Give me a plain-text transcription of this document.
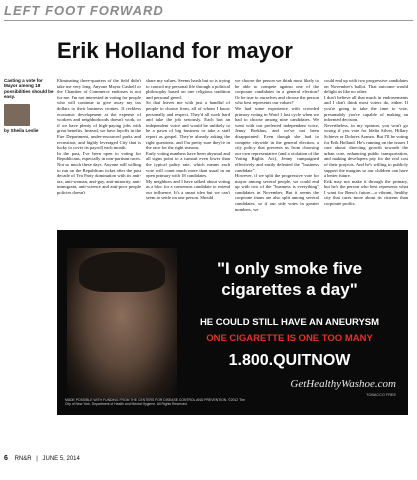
LEFT FOOT FORWARD
Erik Holland for mayor
Casting a vote for Mayor among 18 possibilities should be easy.
by Sheila Leslie

Eliminating three-quarters of the field didn't take me very long. Anyone Mayor Cashell or the Chamber of Commerce endorses is not for me. I'm not interested in voting for people who will continue to give away my tax dollars to their business cronies. If reckless economic development at the expense of workers and neighborhoods doesn't work, or if we have plenty of high-paying jobs with great benefits. Instead, we have layoffs in the Fire Department, under-resourced parks and recreation, and highly leveraged City that is lucky to cover its payroll each month.

In the past, I've been open to voting for Republicans, especially in non-partisan races. Not so much these days. Anyone still willing to run on the Republican ticket after the past decade of Tea Party domination with its anti-tax, anti-woman, anti-gay, anti-minority, anti-immigrant, anti-science and anti-poor people policies doesn't

share my values. Seems harsh but so is trying to control my personal life through a political philosophy based on one religious tradition and personal greed.

So that leaves me with just a handful of people to choose from, all of whom I know personally and respect. They'd all work hard and take the job seriously. Each has an independent voice and would be unlikely to be a pawn of big business or take a staff report as gospel. They're already asking the right questions, and I'm pretty sure they're in the race for the right reasons.

Early voting numbers have been abysmal and all signs point to a turnout even lower than the typical paltry rate, which means each vote will count much more than usual in an open primary with 18 candidates.

My neighbors and I have talked about voting as a bloc for a consensus candidate to extend our influence. It's a smart idea but we can't seem to settle on one person. Should

we choose the person we think most likely to be able to compete against one of the corporate candidates in a general election? Or be true to ourselves and choose the person who best represents our values?

We had some experience with crowded primary voting in Ward 1 last cycle when we had to choose among nine candidates. We went with our preferred independent voice, Jenny Brekhus, and we've not been disappointed. Even though she had to compete citywide in the general election, a city policy that prevents us from choosing our own representative (and a violation of the Voting Rights Act), Jenny campaigned effectively and easily defeated the "business candidate".

However, if we split the progressive vote for mayor among several people, we could end up with two of the "business is everything" candidates in November. But it seems the corporate titans are also split among several candidates, so if our side votes in greater numbers, we

could end up with two progressive candidates on November's ballot. That outcome would delight us like no other.

I don't believe all that much in endorsements and I don't think most voters do, either. If you're going to take the time to vote, presumably you're capable of making an informed decision.

Nevertheless, in my opinion, you won't go wrong if you vote for Idelia Silver, Hillary Schieve or Dolores Aranzo. But I'll be voting for Erik Holland. He's running on the issues I care about: directing growth towards the urban core, enhancing public transportation, and making developers pay for the real cost of their projects. And he's willing to publicly support the margins so our children can have a better future.

Erik may not make it through the primary, but he's the person who best represents what I want for Reno's future—a vibrant, healthy city that cares more about its citizens than corporate profits.

"I only smoke five cigarettes a day"
HE COULD STILL HAVE AN ANEURYSM
ONE CIGARETTE IS ONE TOO MANY
1.800.QUITNOW
GetHealthyWashoe.com
TOBACCO FREE
MADE POSSIBLE WITH FUNDING FROM THE CENTERS FOR DISEASE CONTROL AND PREVENTION. ©2012 The City of New York, Department of Health and Mental Hygiene. All Rights Reserved.
6 RN&R | JUNE 5, 2014
